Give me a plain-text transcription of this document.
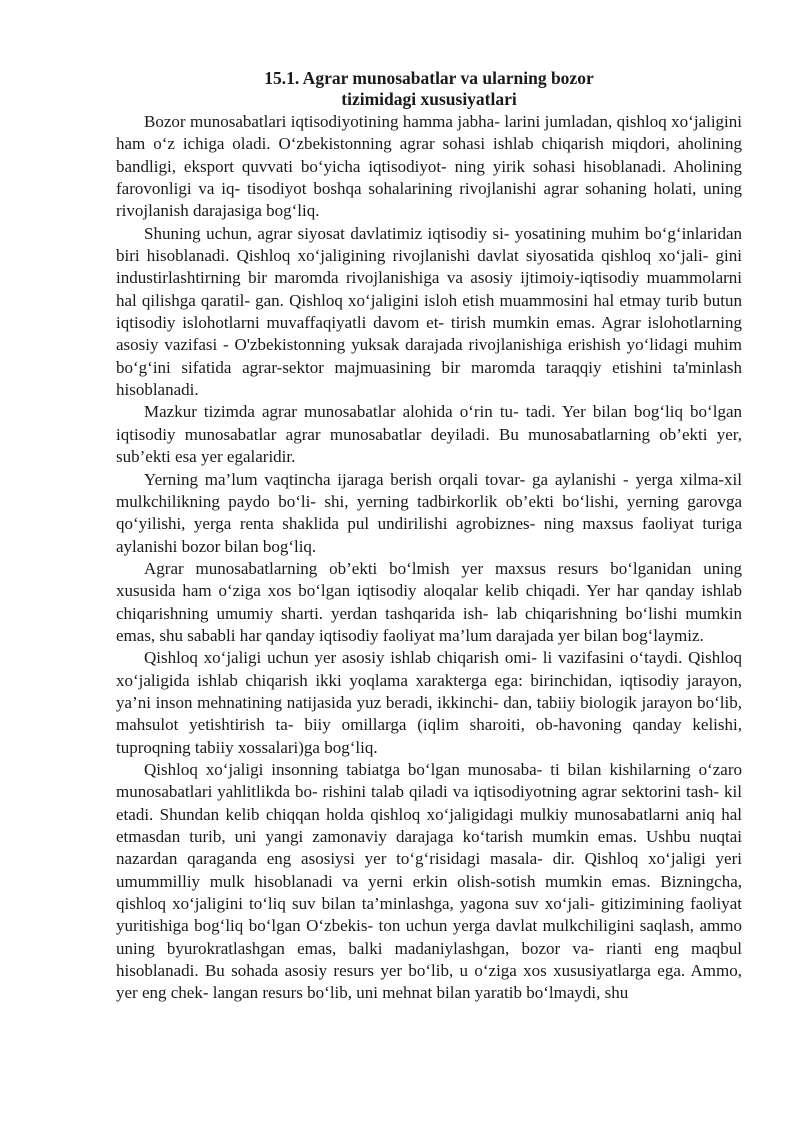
15.1. Agrar munosabatlar va ularning bozor
tizimidagi xususiyatlari

Bozor munosabatlari iqtisodiyotining hamma jabha- larini jumladan, qishloq xo‘jaligini ham o‘z ichiga oladi. O‘zbekistonning agrar sohasi ishlab chiqarish miqdori, aholining bandligi, eksport quvvati bo‘yicha iqtisodiyot- ning yirik sohasi hisoblanadi. Aholining farovonligi va iq- tisodiyot boshqa sohalarining rivojlanishi agrar sohaning holati, uning rivojlanish darajasiga bog‘liq.

Shuning uchun, agrar siyosat davlatimiz iqtisodiy si- yosatining muhim bo‘g‘inlaridan biri hisoblanadi. Qishloq xo‘jaligining rivojlanishi davlat siyosatida qishloq xo‘jali- gini industirlashtirning bir maromda rivojlanishiga va asosiy ijtimoiy-iqtisodiy muammolarni hal qilishga qaratil- gan. Qishloq xo‘jaligini isloh etish muammosini hal etmay turib butun iqtisodiy islohotlarni muvaffaqiyatli davom et- tirish mumkin emas. Agrar islohotlarning asosiy vazifasi - O'zbekistonning yuksak darajada rivojlanishiga erishish yo‘lidagi muhim bo‘g‘ini sifatida agrar-sektor majmuasining bir maromda taraqqiy etishini ta'minlash hisoblanadi.

Mazkur tizimda agrar munosabatlar alohida o‘rin tu- tadi. Yer bilan bog‘liq bo‘lgan iqtisodiy munosabatlar agrar munosabatlar deyiladi. Bu munosabatlarning ob’ekti yer, sub’ekti esa yer egalaridir.

Yerning ma’lum vaqtincha ijaraga berish orqali tovar- ga aylanishi - yerga xilma-xil mulkchilikning paydo bo‘li- shi, yerning tadbirkorlik ob’ekti bo‘lishi, yerning garovga qo‘yilishi, yerga renta shaklida pul undirilishi agrobiznes- ning maxsus faoliyat turiga aylanishi bozor bilan bog‘liq.

Agrar munosabatlarning ob’ekti bo‘lmish yer maxsus resurs bo‘lganidan uning xususida ham o‘ziga xos bo‘lgan iqtisodiy aloqalar kelib chiqadi. Yer har qanday ishlab chiqarishning umumiy sharti. yerdan tashqarida ish- lab chiqarishning bo‘lishi mumkin emas, shu sababli har qanday iqtisodiy faoliyat ma’lum darajada yer bilan bog‘laymiz.

Qishloq xo‘jaligi uchun yer asosiy ishlab chiqarish omi- li vazifasini o‘taydi. Qishloq xo‘jaligida ishlab chiqarish ikki yoqlama xarakterga ega: birinchidan, iqtisodiy jarayon, ya’ni inson mehnatining natijasida yuz beradi, ikkinchi- dan, tabiiy biologik jarayon bo‘lib, mahsulot yetishtirish ta- biiy omillarga (iqlim sharoiti, ob-havoning qanday kelishi, tuproqning tabiiy xossalari)ga bog‘liq.

Qishloq xo‘jaligi insonning tabiatga bo‘lgan munosaba- ti bilan kishilarning o‘zaro munosabatlari yahlitlikda bo- rishini talab qiladi va iqtisodiyotning agrar sektorini tash- kil etadi. Shundan kelib chiqqan holda qishloq xo‘jaligidagi mulkiy munosabatlarni aniq hal etmasdan turib, uni yangi zamonaviy darajaga ko‘tarish mumkin emas. Ushbu nuqtai nazardan qaraganda eng asosiysi yer to‘g‘risidagi masala- dir. Qishloq xo‘jaligi yeri umummilliy mulk hisoblanadi va yerni erkin olish-sotish mumkin emas. Bizningcha, qishloq xo‘jaligini to‘liq suv bilan ta’minlashga, yagona suv xo‘jali- gitizimining faoliyat yuritishiga bog‘liq bo‘lgan O‘zbekis- ton uchun yerga davlat mulkchiligini saqlash, ammo uning byurokratlashgan emas, balki madaniylashgan, bozor va- rianti eng maqbul hisoblanadi. Bu sohada asosiy resurs yer bo‘lib, u o‘ziga xos xususiyatlarga ega. Ammo, yer eng chek- langan resurs bo‘lib, uni mehnat bilan yaratib bo‘lmaydi, shu
